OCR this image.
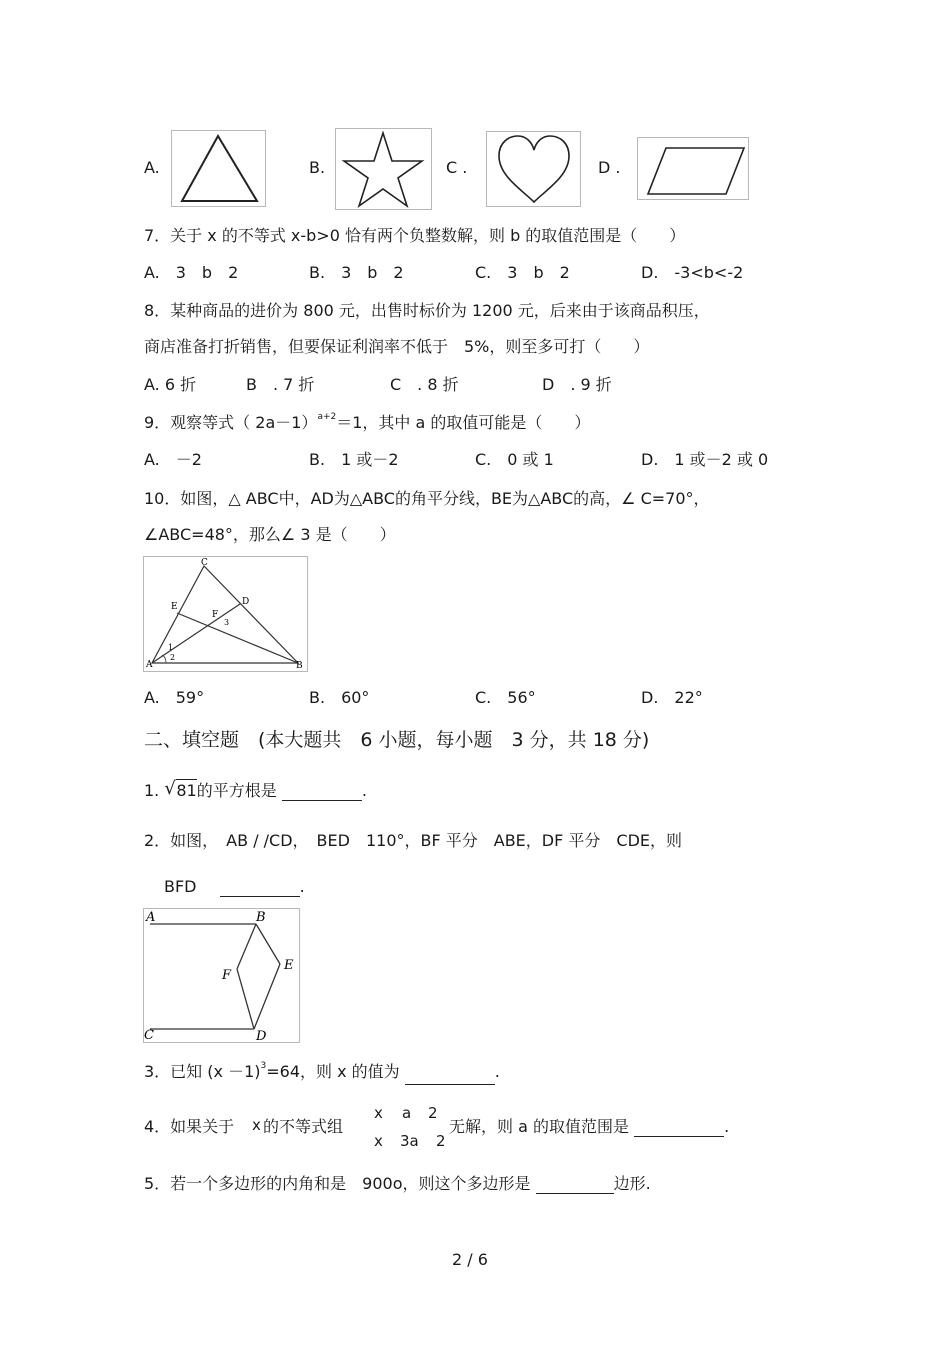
A.	B.	C .	D .
7．关于 x 的不等式 x-b>0 恰有两个负整数解，则 b 的取值范围是（　　）
A.　3　b　2	B.　3　b　2	C.　3　b　2	D.　-3<b<-2
8．某种商品的进价为 800 元，出售时标价为 1200 元，后来由于该商品积压，
商店准备打折销售，但要保证利润率不低于　5%，则至多可打（　　）
A. 6 折	B　. 7 折	C　. 8 折	D　. 9 折
9．观察等式（ 2a－1）$^{a+2}$＝1，其中 a 的取值可能是（　　）
A.　－2	B.　1 或－2	C.　0 或 1	D.　1 或－2 或 0
10．如图，△ ABC中，AD为△ABC的角平分线，BE为△ABC的高，∠ C=70°，
∠ABC=48°，那么∠ 3 是（　　）
A	B
C
D
E
F
1
2
3
A.　59°	B.　60°	C.　56°	D.　22°
二、填空题　(本大题共　6 小题，每小题　3 分，共 18 分)
1. √ 81的平方根是	.
2．如图，　AB / /CD，　BED　110°，BF 平分　ABE，DF 平分　CDE，则
BFD	.
A	B
C	D
E
F
3．已知 $(x -1)^3=64$，则 x 的值为	.
4．如果关于 x 的不等式组
x a 2
x 3a 2
无解，则 a 的取值范围是	.
5．若一个多边形的内角和是　900o，则这个多边形是	边形.
2 / 6
